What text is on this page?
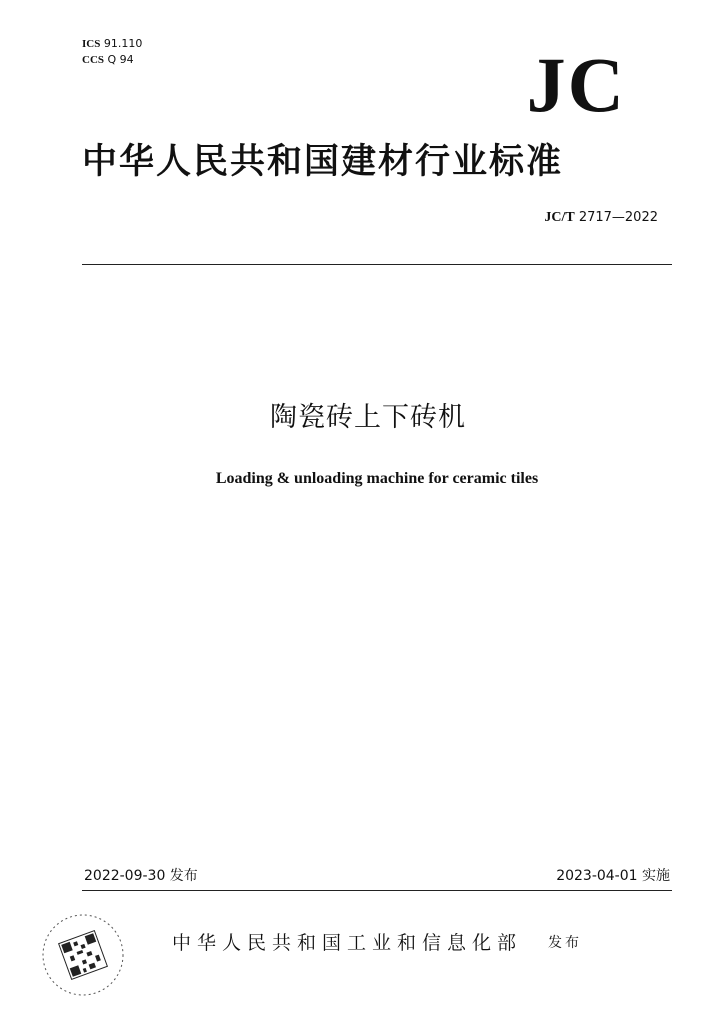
ICS 91.110
CCS Q 94	JC
中华人民共和国建材行业标准
JC/T 2717—2022
陶瓷砖上下砖机
Loading & unloading machine for ceramic tiles
2022-09-30 发布	2023-04-01 实施
中华人民共和国工业和信息化部 发布
